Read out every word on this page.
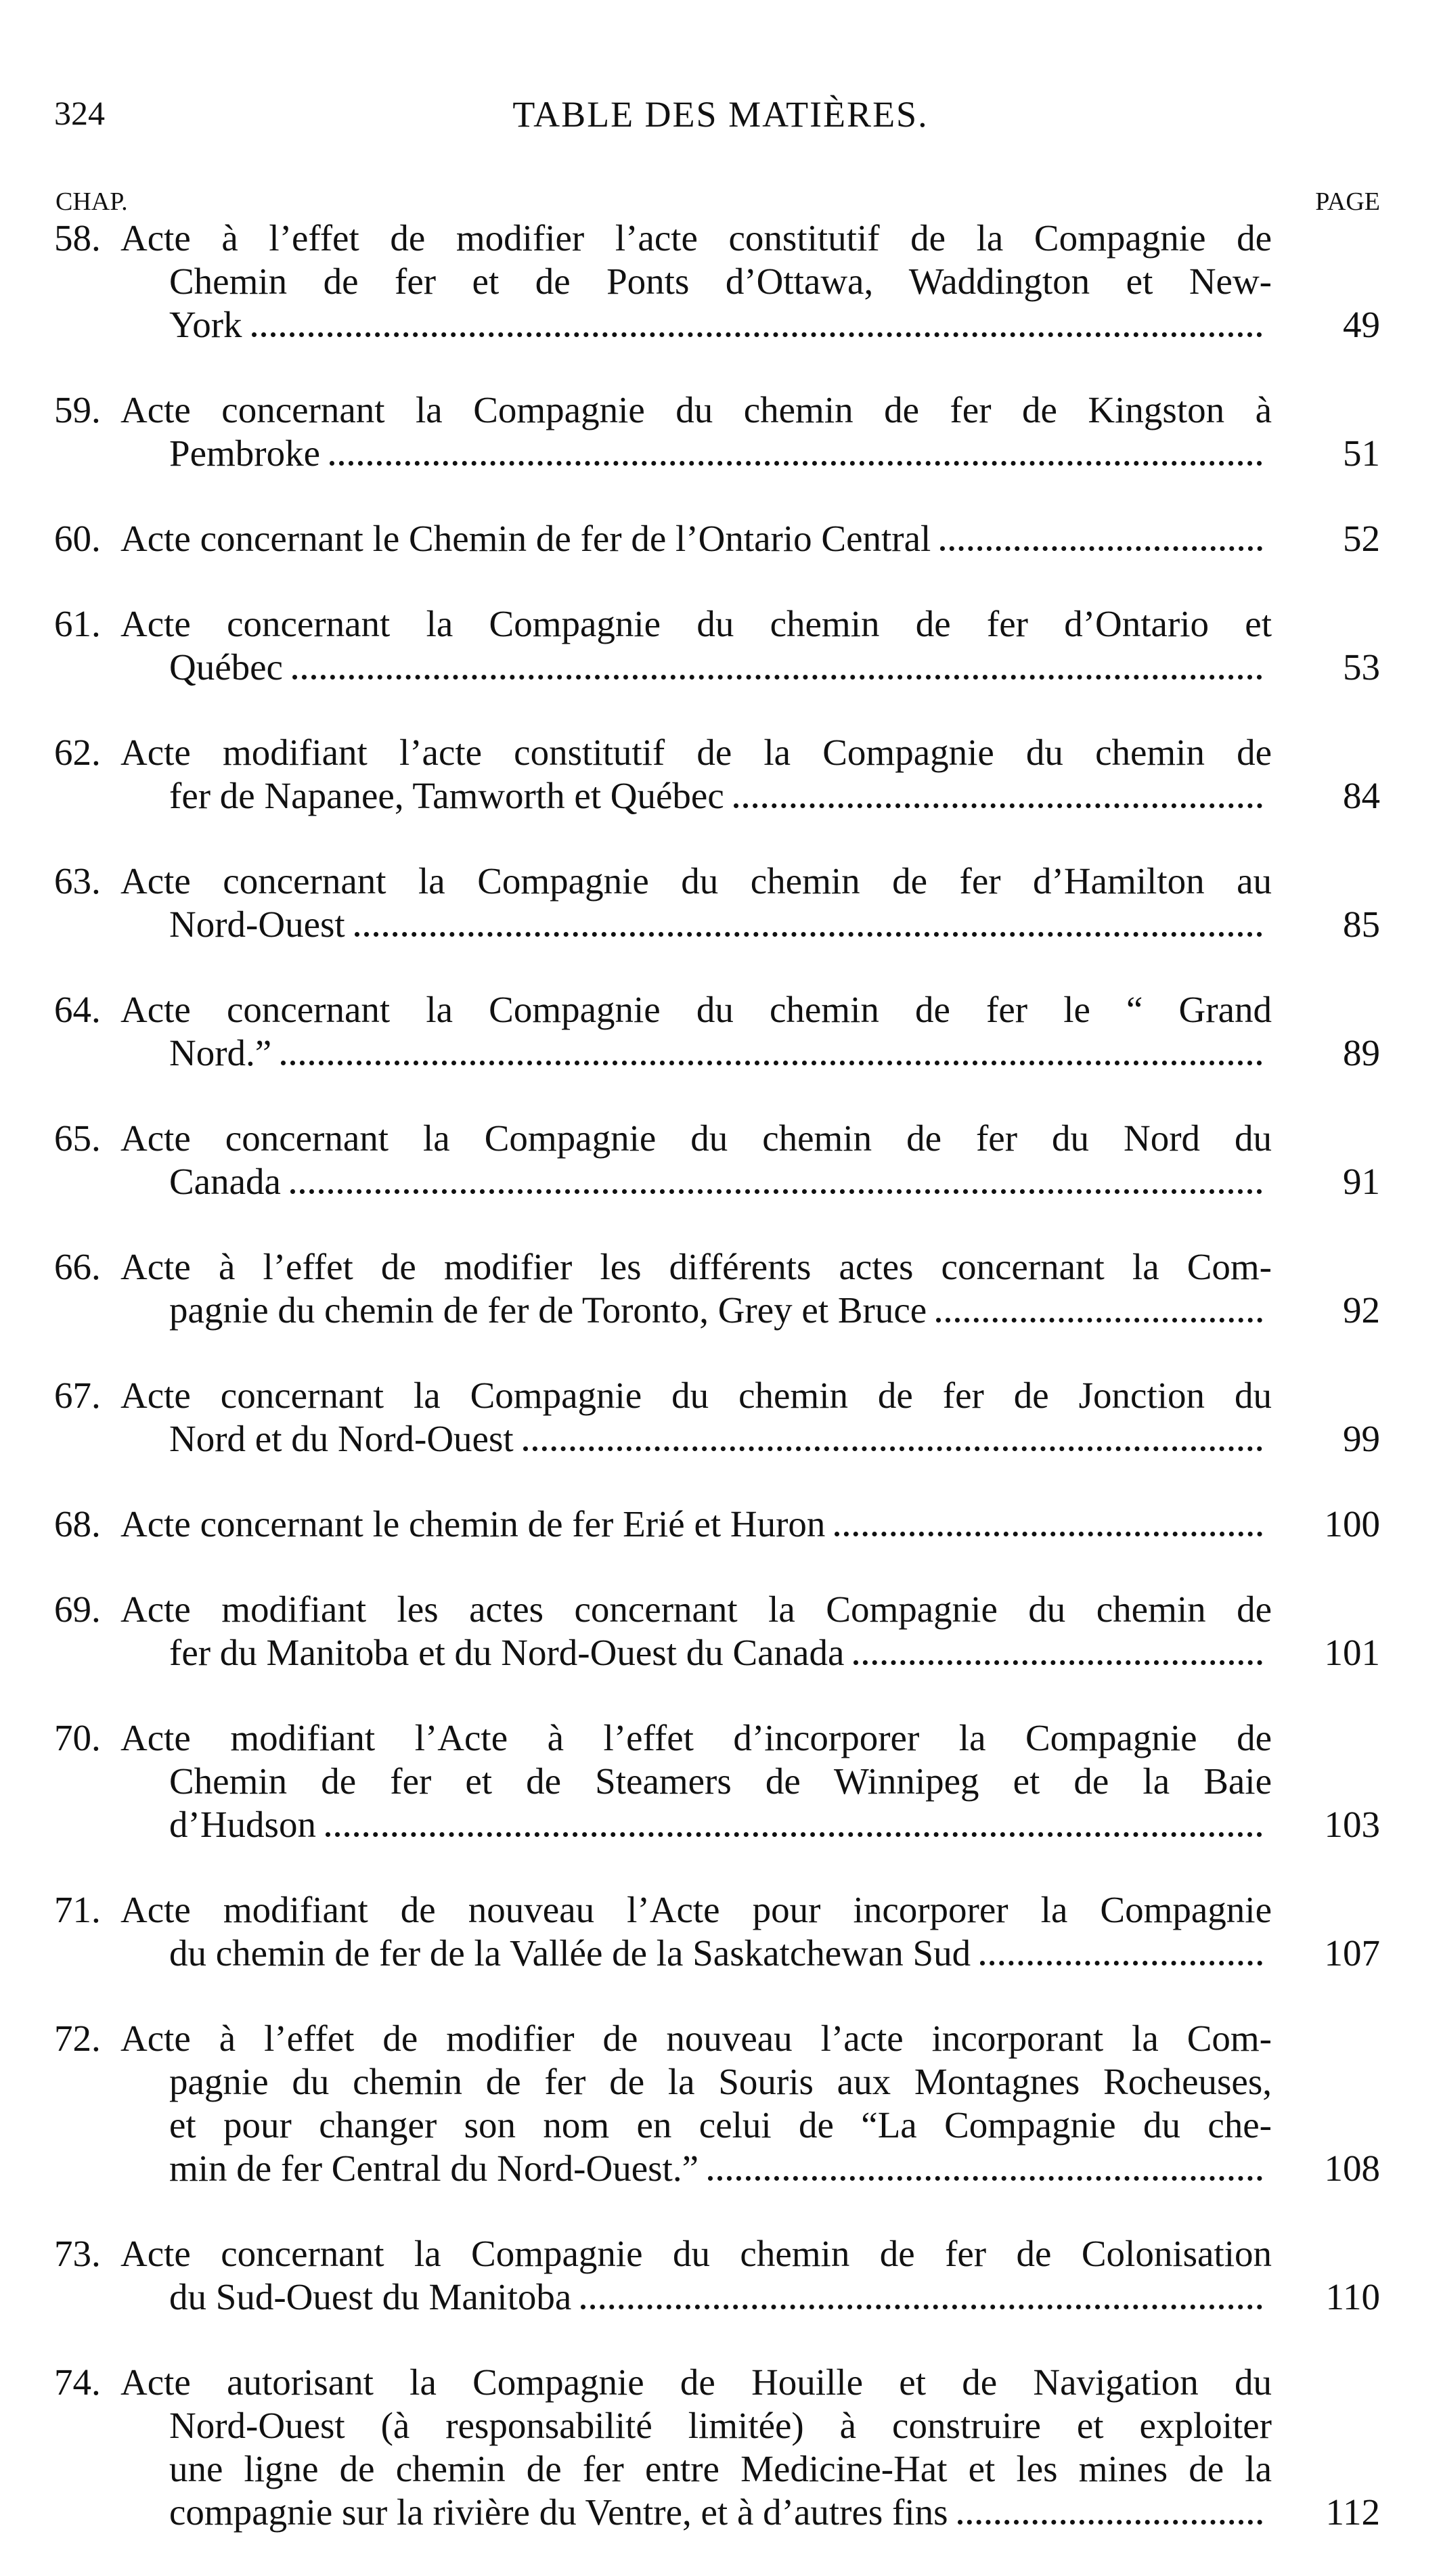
324	TABLE DES MATIÈRES.
CHAP.	PAGE
58. Acte à l’effet de modifier l’acte constitutif de la Compagnie de
Chemin de fer et de Ponts d’Ottawa, Waddington et New-
York	49
59. Acte concernant la Compagnie du chemin de fer de Kingston à
Pembroke	51
60. Acte concernant le Chemin de fer de l’Ontario Central	52
61. Acte concernant la Compagnie du chemin de fer d’Ontario et
Québec	53
62. Acte modifiant l’acte constitutif de la Compagnie du chemin de
fer de Napanee, Tamworth et Québec	84
63. Acte concernant la Compagnie du chemin de fer d’Hamilton au
Nord-Ouest	85
64. Acte concernant la Compagnie du chemin de fer le “ Grand
Nord.”	89
65. Acte concernant la Compagnie du chemin de fer du Nord du
Canada	91
66. Acte à l’effet de modifier les différents actes concernant la Com-
pagnie du chemin de fer de Toronto, Grey et Bruce	92
67. Acte concernant la Compagnie du chemin de fer de Jonction du
Nord et du Nord-Ouest	99
68. Acte concernant le chemin de fer Erié et Huron	100
69. Acte modifiant les actes concernant la Compagnie du chemin de
fer du Manitoba et du Nord-Ouest du Canada	101
70. Acte modifiant l’Acte à l’effet d’incorporer la Compagnie de
Chemin de fer et de Steamers de Winnipeg et de la Baie
d’Hudson	103
71. Acte modifiant de nouveau l’Acte pour incorporer la Compagnie
du chemin de fer de la Vallée de la Saskatchewan Sud	107
72. Acte à l’effet de modifier de nouveau l’acte incorporant la Com-
pagnie du chemin de fer de la Souris aux Montagnes Rocheuses,
et pour changer son nom en celui de “La Compagnie du che-
min de fer Central du Nord-Ouest.”	108
73. Acte concernant la Compagnie du chemin de fer de Colonisation
du Sud-Ouest du Manitoba	110
74. Acte autorisant la Compagnie de Houille et de Navigation du
Nord-Ouest (à responsabilité limitée) à construire et exploiter
une ligne de chemin de fer entre Medicine-Hat et les mines de la
compagnie sur la rivière du Ventre, et à d’autres fins	112
